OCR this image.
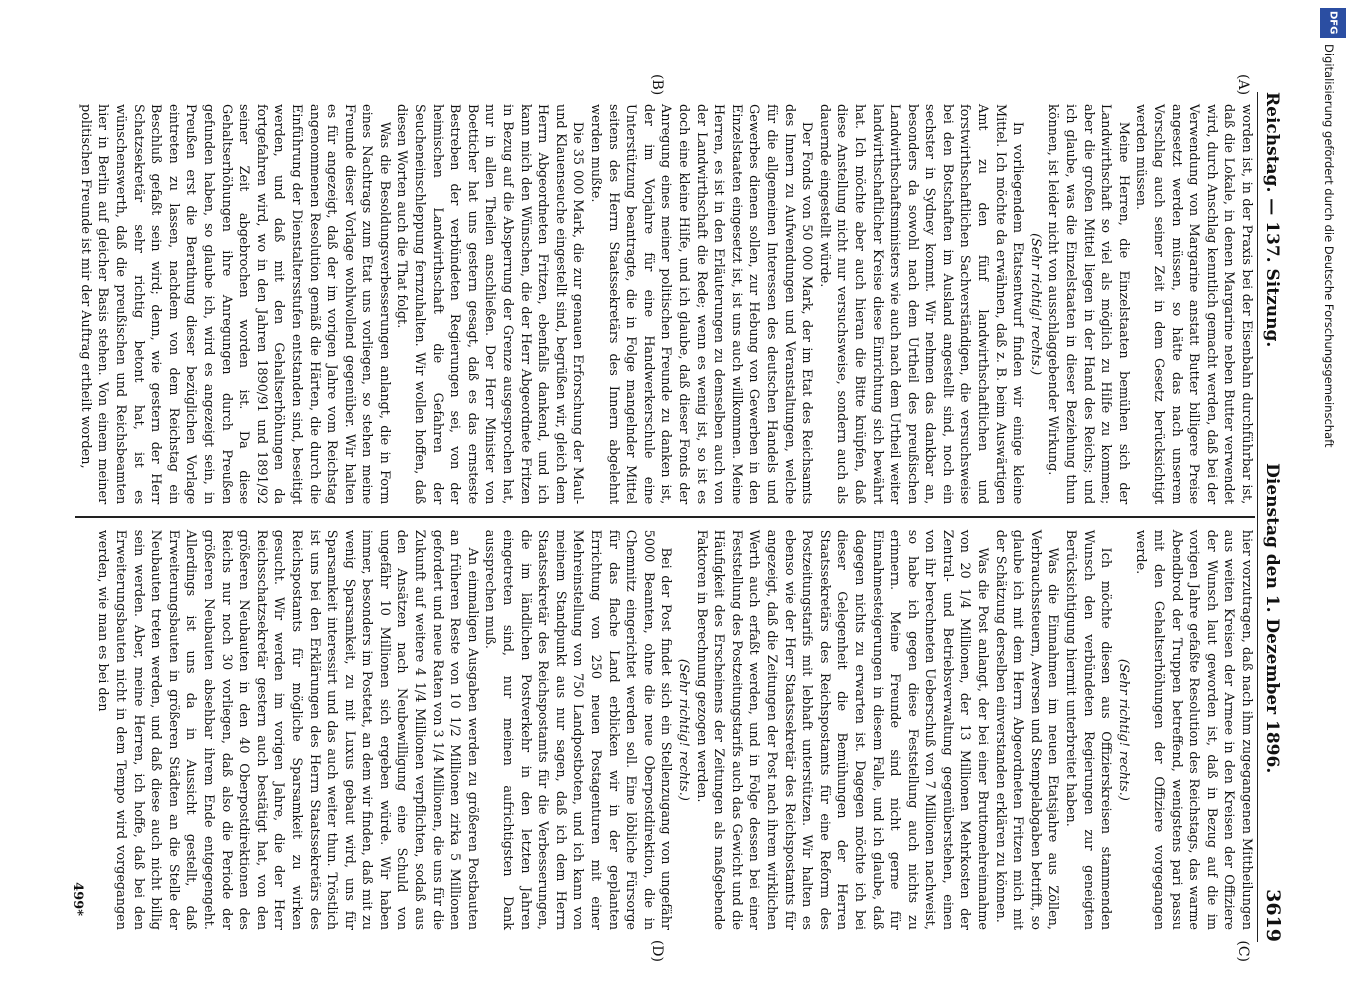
Reichstag. — 137. Sitzung.
Dienstag den 1. Dezember 1896.
3619

worden ist, in der Praxis bei der Eisenbahn durchführbar ist, daß die Lokale, in denen Margarine neben Butter verwendet wird, durch Anschlag kenntlich gemacht werden, daß bei der Verwendung von Margarine anstatt Butter billigere Preise angesetzt werden müssen, so hätte das nach unserem Vorschlag auch seiner Zeit in dem Gesetz berücksichtigt werden müssen.

Meine Herren, die Einzelstaaten bemühen sich der Landwirthschaft so viel als möglich zu Hilfe zu kommen; aber die großen Mittel liegen in der Hand des Reichs; und ich glaube, was die Einzelstaaten in dieser Beziehung thun können, ist leider nicht von ausschlaggebender Wirkung.

(Sehr richtig! rechts.)

In vorliegendem Etatsentwurf finden wir einige kleine Mittel. Ich möchte da erwähnen, daß z. B. beim Auswärtigen Amt zu den fünf landwirthschaftlichen und forstwirthschaftlichen Sachverständigen, die versuchsweise bei den Botschaften im Ausland angestellt sind, noch ein sechster in Sydney kommt. Wir nehmen das dankbar an, besonders da sowohl nach dem Urtheil des preußischen Landwirthschaftsministers wie auch nach dem Urtheil weiter landwirthschaftlicher Kreise diese Einrichtung sich bewährt hat. Ich möchte aber auch hieran die Bitte knüpfen, daß diese Anstellung nicht nur versuchsweise, sondern auch als dauernde eingestellt würde.

Der Fonds von 50 000 Mark, der im Etat des Reichsamts des Innern zu Aufwendungen und Veranstaltungen, welche für die allgemeinen Interessen des deutschen Handels und Gewerbes dienen sollen, zur Hebung von Gewerben in den Einzelstaaten eingesetzt ist, ist uns auch willkommen. Meine Herren, es ist in den Erläuterungen zu demselben auch von der Landwirthschaft die Rede; wenn es wenig ist, so ist es doch eine kleine Hilfe, und ich glaube, daß dieser Fonds der Anregung eines meiner politischen Freunde zu danken ist, der im Vorjahre für eine Handwerkerschule eine Unterstützung beantragte, die in Folge mangelnder Mittel seitens des Herrn Staatssekretärs des Innern abgelehnt werden mußte.

Die 35 000 Mark, die zur genauen Erforschung der Maul- und Klauenseuche eingestellt sind, begrüßen wir, gleich dem Herrn Abgeordneten Fritzen, ebenfalls dankend, und ich kann mich den Wünschen, die der Herr Abgeordnete Fritzen in Bezug auf die Absperrung der Grenze ausgesprochen hat, nur in allen Theilen anschließen. Der Herr Minister von Boetticher hat uns gestern gesagt, daß es das ernsteste Bestreben der verbündeten Regierungen sei, von der heimischen Landwirthschaft die Gefahren der Seucheneinschleppung fernzuhalten. Wir wollen hoffen, daß diesen Worten auch die That folgt.

Was die Besoldungsverbesserungen anlangt, die in Form eines Nachtrags zum Etat uns vorliegen, so stehen meine Freunde dieser Vorlage wohlwollend gegenüber. Wir halten es für angezeigt, daß der im vorigen Jahre vom Reichstag angenommenen Resolution gemäß die Härten, die durch die Einführung der Dienstaltersstufen entstanden sind, beseitigt werden, und daß mit den Gehaltserhöhungen da fortgefahren wird, wo in den Jahren 1890/91 und 1891/92 seiner Zeit abgebrochen worden ist. Da diese Gehaltserhöhungen ihre Anregungen durch Preußen gefunden haben, so glaube ich, wird es angezeigt sein, in Preußen erst die Berathung dieser bezüglichen Vorlage eintreten zu lassen, nachdem von dem Reichstag ein Beschluß gefaßt sein wird; denn, wie gestern der Herr Schatzsekretär sehr richtig betont hat, ist es wünschenswerth, daß die preußischen und Reichsbeamten hier in Berlin auf gleicher Basis stehen. Von einem meiner politischen Freunde ist mir der Auftrag ertheilt worden,

hier vorzutragen, daß nach ihm zugegangenen Mittheilungen aus weiten Kreisen der Armee in den Kreisen der Offiziere der Wunsch laut geworden ist, daß in Bezug auf die im vorigen Jahre gefaßte Resolution des Reichstags, das warme Abendbrod der Truppen betreffend, wenigstens pari passu mit den Gehaltserhöhungen der Offiziere vorgegangen werde.

(Sehr richtig! rechts.)

Ich möchte diesen aus Offizierskreisen stammenden Wunsch den verbündeten Regierungen zur geneigten Berücksichtigung hiermit unterbreitet haben.

Was die Einnahmen im neuen Etatsjahre aus Zöllen, Verbrauchssteuern, Aversen und Stempelabgaben betrifft, so glaube ich mit dem Herrn Abgeordneten Fritzen mich mit der Schätzung derselben einverstanden erklären zu können.

Was die Post anlangt, der bei einer Bruttomehreinnahme von 20 1/4 Millionen, der 13 Millionen Mehrkosten der Zentral- und Betriebsverwaltung gegenüberstehen, einen von ihr berechneten Ueberschuß von 7 Millionen nachweist, so habe ich gegen diese Feststellung auch nichts zu erinnern. Meine Freunde sind nicht gerne für Einnahmesteigerungen in diesem Falle, und ich glaube, daß dagegen nichts zu erwarten ist. Dagegen möchte ich bei dieser Gelegenheit die Bemühungen der Herren Staatssekretärs des Reichspostamts für eine Reform des Postzeitungstarifs mit lebhaft unterstützen. Wir halten es ebenso wie der Herr Staatssekretär des Reichspostamts für angezeigt, daß die Zeitungen der Post nach ihrem wirklichen Werth auch erfaßt werden, und in Folge dessen bei einer Feststellung des Postzeitungstarifs auch das Gewicht und die Häufigkeit des Erscheinens der Zeitungen als maßgebende Faktoren in Berechnung gezogen werden.

(Sehr richtig! rechts.)

Bei der Post findet sich ein Stellenzugang von ungefähr 5000 Beamten, ohne die neue Oberpostdirektion, die in Chemnitz eingerichtet werden soll. Eine löbliche Fürsorge für das flache Land erblicken wir in der geplanten Errichtung von 250 neuen Postagenturen mit einer Mehreinstellung von 750 Landpostboten, und ich kann von meinem Standpunkt aus nur sagen, daß ich dem Herrn Staatssekretär des Reichspostamts für die Verbesserungen, die im ländlichen Postverkehr in den letzten Jahren eingetreten sind, nur meinen aufrichtigsten Dank aussprechen muß.

An einmaligen Ausgaben werden zu größeren Postbauten an früheren Reste von 10 1/2 Millionen zirka 5 Millionen gefordert und neue Raten von 3 1/4 Millionen, die uns für die Zukunft auf weitere 4 1/4 Millionen verpflichten, sodaß aus den Ansätzen nach Neubewilligung eine Schuld von ungefähr 10 Millionen sich ergeben würde. Wir haben immer, besonders im Postetat, an dem wir finden, daß mit zu wenig Sparsamkeit, zu mit Luxus gebaut wird, uns für Sparsamkeit interessirt und das auch weiter thun. Tröstlich ist uns bei den Erklärungen des Herrn Staatssekretärs des Reichspostamts für mögliche Sparsamkeit zu wirken gesucht. Wir werden im vorigen Jahre, die der Herr Reichsschatzsekretär gestern auch bestätigt hat, von den größeren Neubauten in den 40 Oberpostdirektionen des Reichs nur noch 30 vorliegen, daß also die Periode der größeren Neubauten absehbar ihrem Ende entgegengeht. Allerdings ist uns da in Aussicht gestellt, daß Erweiterungsbauten in größeren Städten an die Stelle der Neubauten treten werden, und daß diese auch nicht billig sein werden. Aber, meine Herren, ich hoffe, daß bei den Erweiterungsbauten nicht in dem Tempo wird vorgegangen werden, wie man es bei den

(A)
(B)
(C)
(D)
499*
DFG
Digitalisierung gefördert durch die Deutsche Forschungsgemeinschaft
